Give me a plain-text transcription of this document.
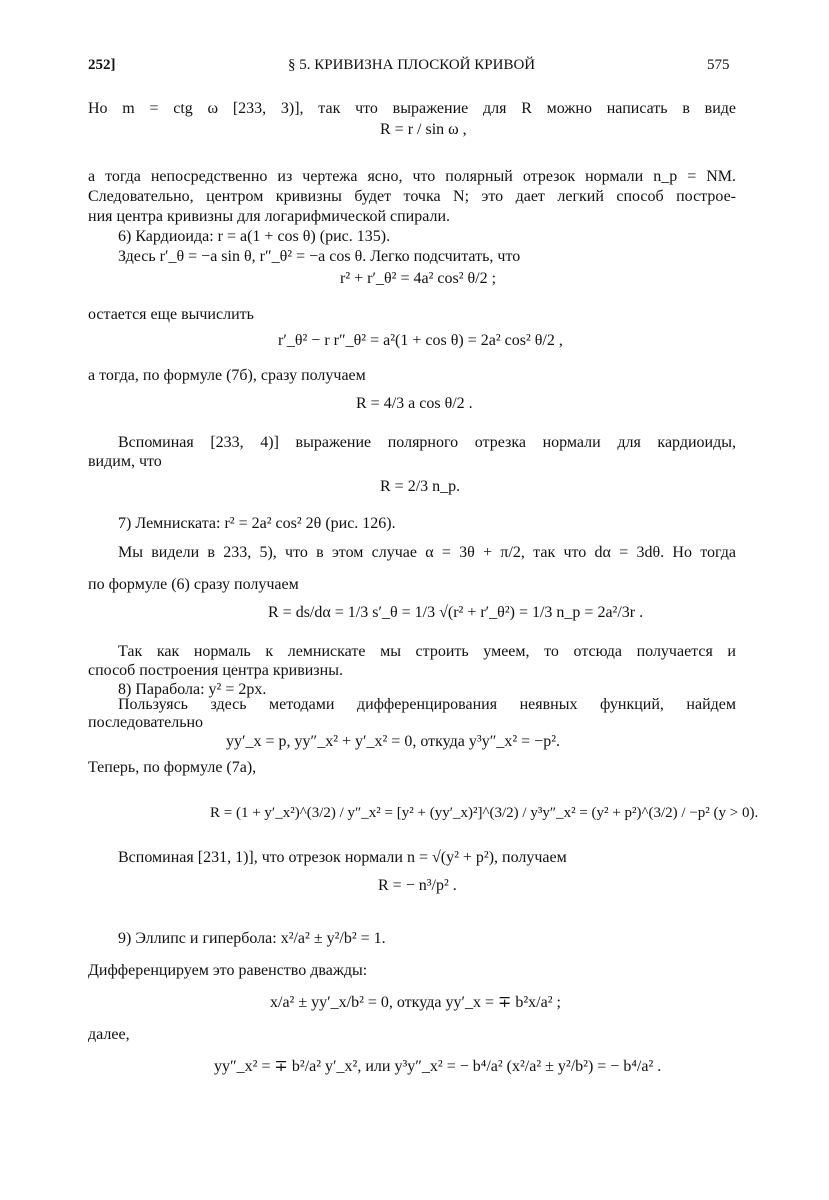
252]	§ 5. КРИВИЗНА ПЛОСКОЙ КРИВОЙ	575
Но m = ctg ω [233, 3)], так что выражение для R можно написать в виде
R = r / sin ω ,
а тогда непосредственно из чертежа ясно, что полярный отрезок нормали n_p = NM.
Следовательно, центром кривизны будет точка N; это дает легкий способ построе-
ния центра кривизны для логарифмической спирали.
6) Кардиоида: r = a(1 + cos θ) (рис. 135).
Здесь r′_θ = −a sin θ, r″_θ² = −a cos θ. Легко подсчитать, что
r² + r′_θ² = 4a² cos² θ/2 ;
остается еще вычислить
r′_θ² − r r″_θ² = a²(1 + cos θ) = 2a² cos² θ/2 ,
а тогда, по формуле (7б), сразу получаем
R = 4/3 a cos θ/2 .
Вспоминая [233, 4)] выражение полярного отрезка нормали для кардиоиды,
видим, что
R = 2/3 n_p.
7) Лемниската: r² = 2a² cos² 2θ (рис. 126).
Мы видели в 233, 5), что в этом случае α = 3θ + π/2, так что dα = 3dθ. Но тогда
по формуле (6) сразу получаем
R = ds/dα = 1/3 s′_θ = 1/3 √(r² + r′_θ²) = 1/3 n_p = 2a²/3r .
Так как нормаль к лемнискате мы строить умеем, то отсюда получается и
способ построения центра кривизны.
8) Парабола: y² = 2px.
Пользуясь здесь методами дифференцирования неявных функций, найдем
последовательно
yy′_x = p, yy″_x² + y′_x² = 0, откуда y³y″_x² = −p².
Теперь, по формуле (7а),
R = (1 + y′_x²)^(3/2) / y″_x² = [y² + (yy′_x)²]^(3/2) / y³y″_x² = (y² + p²)^(3/2) / −p² (y > 0).
Вспоминая [231, 1)], что отрезок нормали n = √(y² + p²), получаем
R = − n³/p² .
9) Эллипс и гипербола: x²/a² ± y²/b² = 1.
Дифференцируем это равенство дважды:
x/a² ± yy′_x/b² = 0, откуда yy′_x = ∓ b²x/a² ;
далее,
yy″_x² = ∓ b²/a² y′_x², или y³y″_x² = − b⁴/a² (x²/a² ± y²/b²) = − b⁴/a² .
